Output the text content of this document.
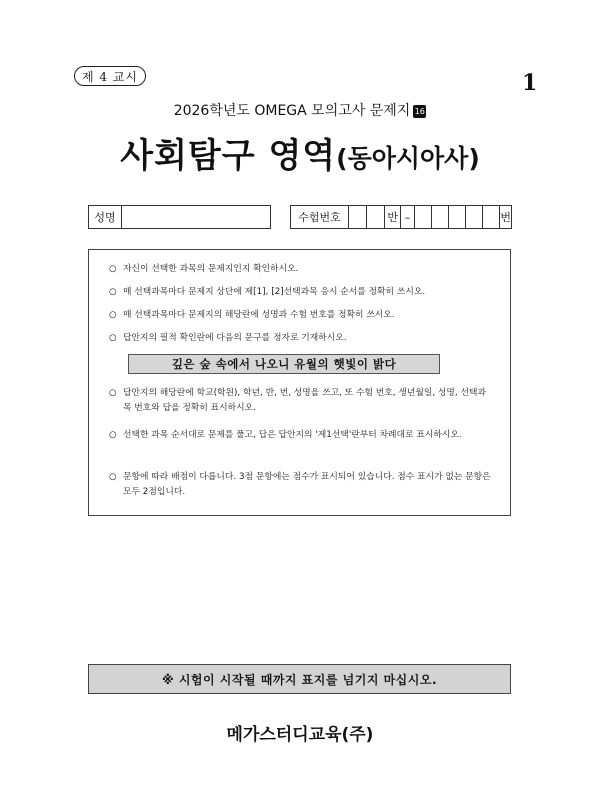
제 4 교시	1
2026학년도 OMEGA 모의고사 문제지 16
사회탐구 영역(동아시아사)
성명	수험번호	반 –	번
○ 자신이 선택한 과목의 문제지인지 확인하시오.
○ 매 선택과목마다 문제지 상단에 제[1], [2]선택과목 응시 순서를 정확히 쓰시오.
○ 매 선택과목마다 문제지의 해당란에 성명과 수험 번호를 정확히 쓰시오.
○ 답안지의 필적 확인란에 다음의 문구를 정자로 기재하시오.
○ 답안지의 해당란에 학교(학원), 학년, 반, 번, 성명을 쓰고, 또 수험 번호, 생년월일, 성명, 선택과목 번호와 답을 정확히 표시하시오.
○ 선택한 과목 순서대로 문제를 풀고, 답은 답안지의 '제1선택'란부터 차례대로 표시하시오.
○ 문항에 따라 배점이 다릅니다. 3점 문항에는 점수가 표시되어 있습니다. 점수 표시가 없는 문항은 모두 2점입니다.
깊은 숲 속에서 나오니 유월의 햇빛이 밝다
※ 시험이 시작될 때까지 표지를 넘기지 마십시오.
메가스터디교육(주)
